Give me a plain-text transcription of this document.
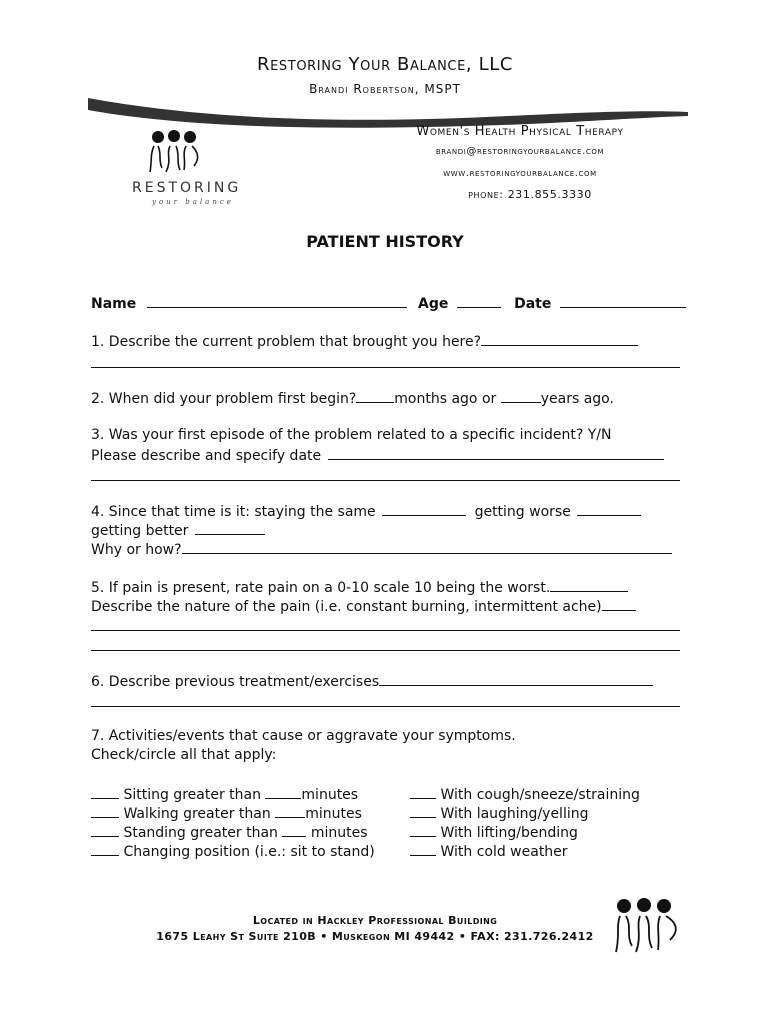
Restoring Your Balance, LLC
Brandi Robertson, MSPT
Women's Health Physical Therapy
brandi@restoringyourbalance.com
www.restoringyourbalance.com
phone: 231.855.3330
RESTORING
your balance
PATIENT HISTORY
Name	Age	Date
1. Describe the current problem that brought you here?
2. When did your problem first begin?	months ago or	years ago.
3. Was your first episode of the problem related to a specific incident? Y/N
Please describe and specify date
4. Since that time is it: staying the same	getting worse
getting better
Why or how?
5. If pain is present, rate pain on a 0-10 scale 10 being the worst.
Describe the nature of the pain (i.e. constant burning, intermittent ache)
6. Describe previous treatment/exercises
7. Activities/events that cause or aggravate your symptoms.
Check/circle all that apply:
Sitting greater than	minutes
Walking greater than minutes
Standing greater than minutes
Changing position (i.e.: sit to stand)
With cough/sneeze/straining
With laughing/yelling
With lifting/bending
With cold weather
Located in Hackley Professional Building
1675 Leahy St Suite 210B • Muskegon MI 49442 • FAX: 231.726.2412
